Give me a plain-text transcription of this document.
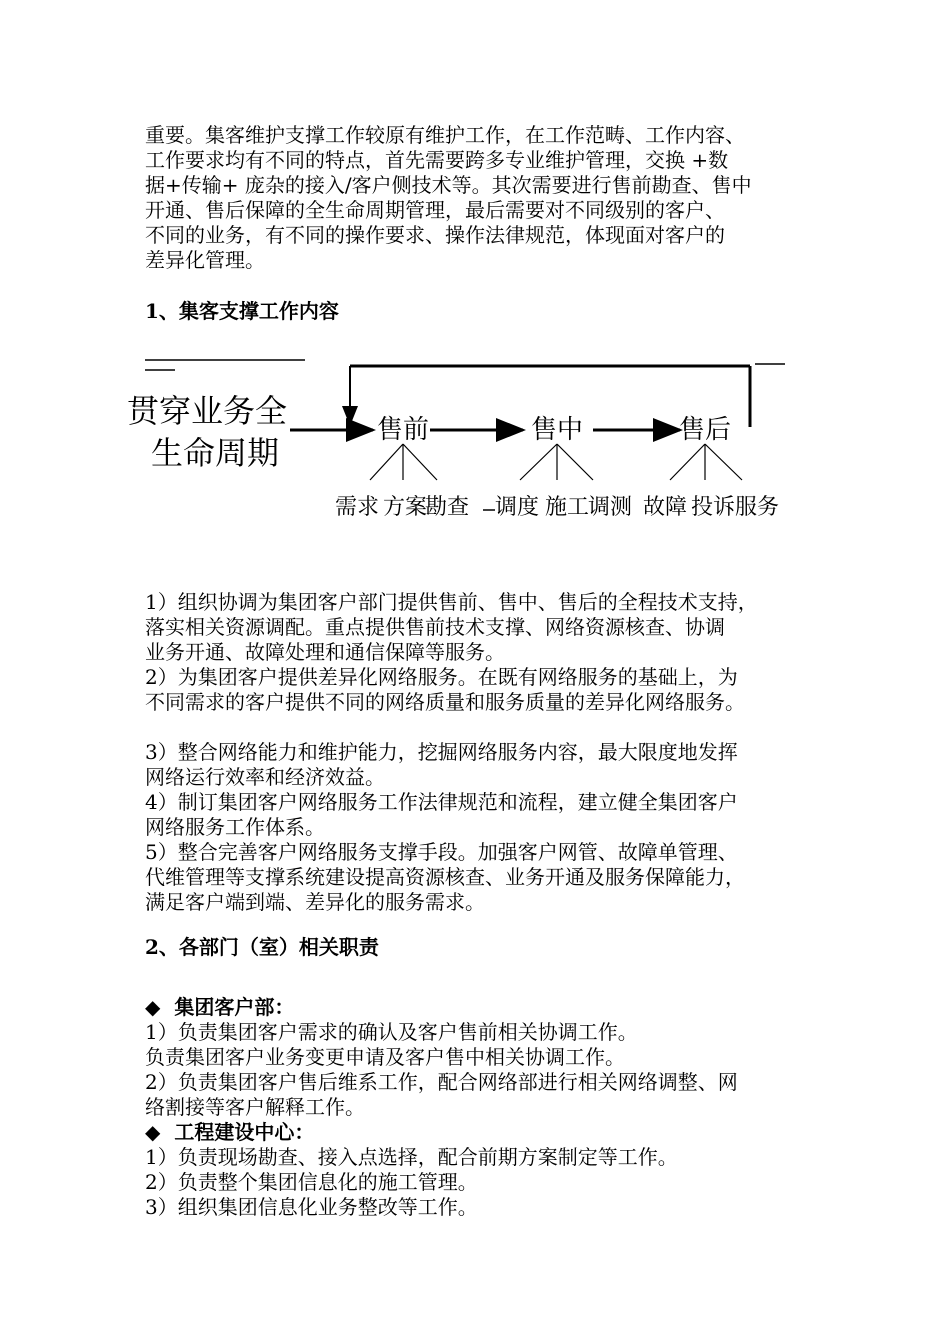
重要。集客维护支撑工作较原有维护工作，在工作范畴、工作内容、
工作要求均有不同的特点，首先需要跨多专业维护管理，交换 +数
据+传输+ 庞杂的接入/客户侧技术等。其次需要进行售前勘查、售中
开通、售后保障的全生命周期管理，最后需要对不同级别的客户、
不同的业务，有不同的操作要求、操作法律规范，体现面对客户的
差异化管理。
1、集客支撑工作内容
贯穿业务全
生命周期
售前	售中	售后
需求 方案
勘查 调度 施工
调测 故障 投诉 服务
1）组织协调为集团客户部门提供售前、售中、售后的全程技术支持，
落实相关资源调配。重点提供售前技术支撑、网络资源核查、协调
业务开通、故障处理和通信保障等服务。
2）为集团客户提供差异化网络服务。在既有网络服务的基础上，为
不同需求的客户提供不同的网络质量和服务质量的差异化网络服务。
3）整合网络能力和维护能力，挖掘网络服务内容，最大限度地发挥
网络运行效率和经济效益。
4）制订集团客户网络服务工作法律规范和流程，建立健全集团客户
网络服务工作体系。
5）整合完善客户网络服务支撑手段。加强客户网管、故障单管理、
代维管理等支撑系统建设提高资源核查、业务开通及服务保障能力，
满足客户端到端、差异化的服务需求。
2、各部门（室）相关职责
◆ 集团客户部：
1）负责集团客户需求的确认及客户售前相关协调工作。
负责集团客户业务变更申请及客户售中相关协调工作。
2）负责集团客户售后维系工作，配合网络部进行相关网络调整、网
络割接等客户解释工作。
◆ 工程建设中心：
1）负责现场勘查、接入点选择，配合前期方案制定等工作。
2）负责整个集团信息化的施工管理。
3）组织集团信息化业务整改等工作。
